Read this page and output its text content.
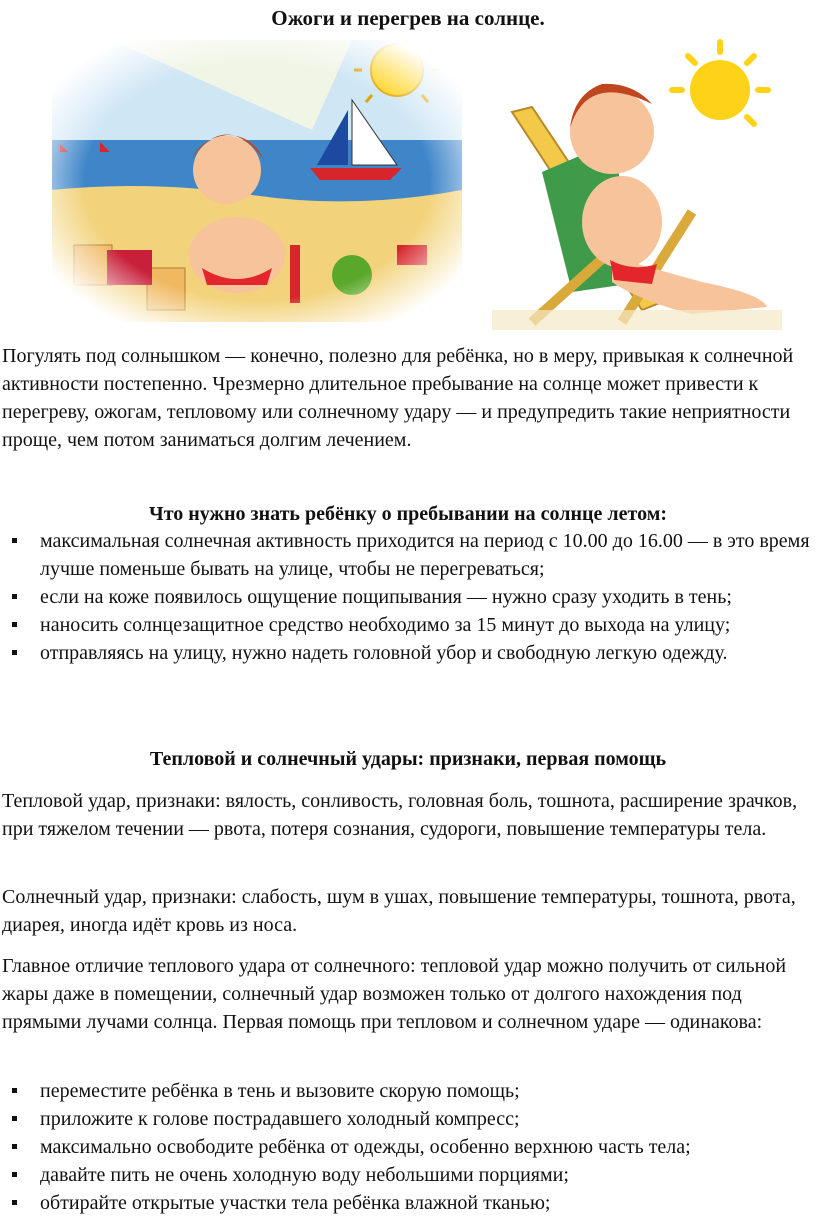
Ожоги и перегрев на солнце.

Погулять под солнышком — конечно, полезно для ребёнка, но в меру, привыкая к солнечной активности постепенно. Чрезмерно длительное пребывание на солнце может привести к перегреву, ожогам, тепловому или солнечному удару — и предупредить такие неприятности проще, чем потом заниматься долгим лечением.

Что нужно знать ребёнку о пребывании на солнце летом:
максимальная солнечная активность приходится на период с 10.00 до 16.00 — в это время лучше поменьше бывать на улице, чтобы не перегреваться;
если на коже появилось ощущение пощипывания — нужно сразу уходить в тень;
наносить солнцезащитное средство необходимо за 15 минут до выхода на улицу;
отправляясь на улицу, нужно надеть головной убор и свободную легкую одежду.
Тепловой и солнечный удары: признаки, первая помощь

Тепловой удар, признаки: вялость, сонливость, головная боль, тошнота, расширение зрачков, при тяжелом течении — рвота, потеря сознания, судороги, повышение температуры тела.

Солнечный удар, признаки: слабость, шум в ушах, повышение температуры, тошнота, рвота, диарея, иногда идёт кровь из носа.

Главное отличие теплового удара от солнечного: тепловой удар можно получить от сильной жары даже в помещении, солнечный удар возможен только от долгого нахождения под прямыми лучами солнца. Первая помощь при тепловом и солнечном ударе — одинакова:

переместите ребёнка в тень и вызовите скорую помощь;
приложите к голове пострадавшего холодный компресс;
максимально освободите ребёнка от одежды, особенно верхнюю часть тела;
давайте пить не очень холодную воду небольшими порциями;
обтирайте открытые участки тела ребёнка влажной тканью;
